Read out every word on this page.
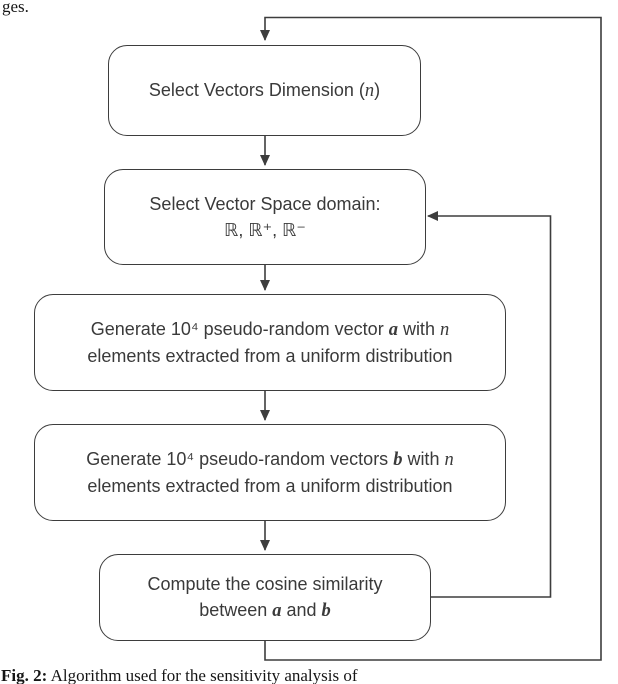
ges.
Select Vectors Dimension (n)
Select Vector Space domain:
ℝ, ℝ⁺, ℝ⁻
Generate 10⁴ pseudo-random vector a with n
elements extracted from a uniform distribution
Generate 10⁴ pseudo-random vectors b with n
elements extracted from a uniform distribution
Compute the cosine similarity
between a and b
Fig. 2: Algorithm used for the sensitivity analysis of
